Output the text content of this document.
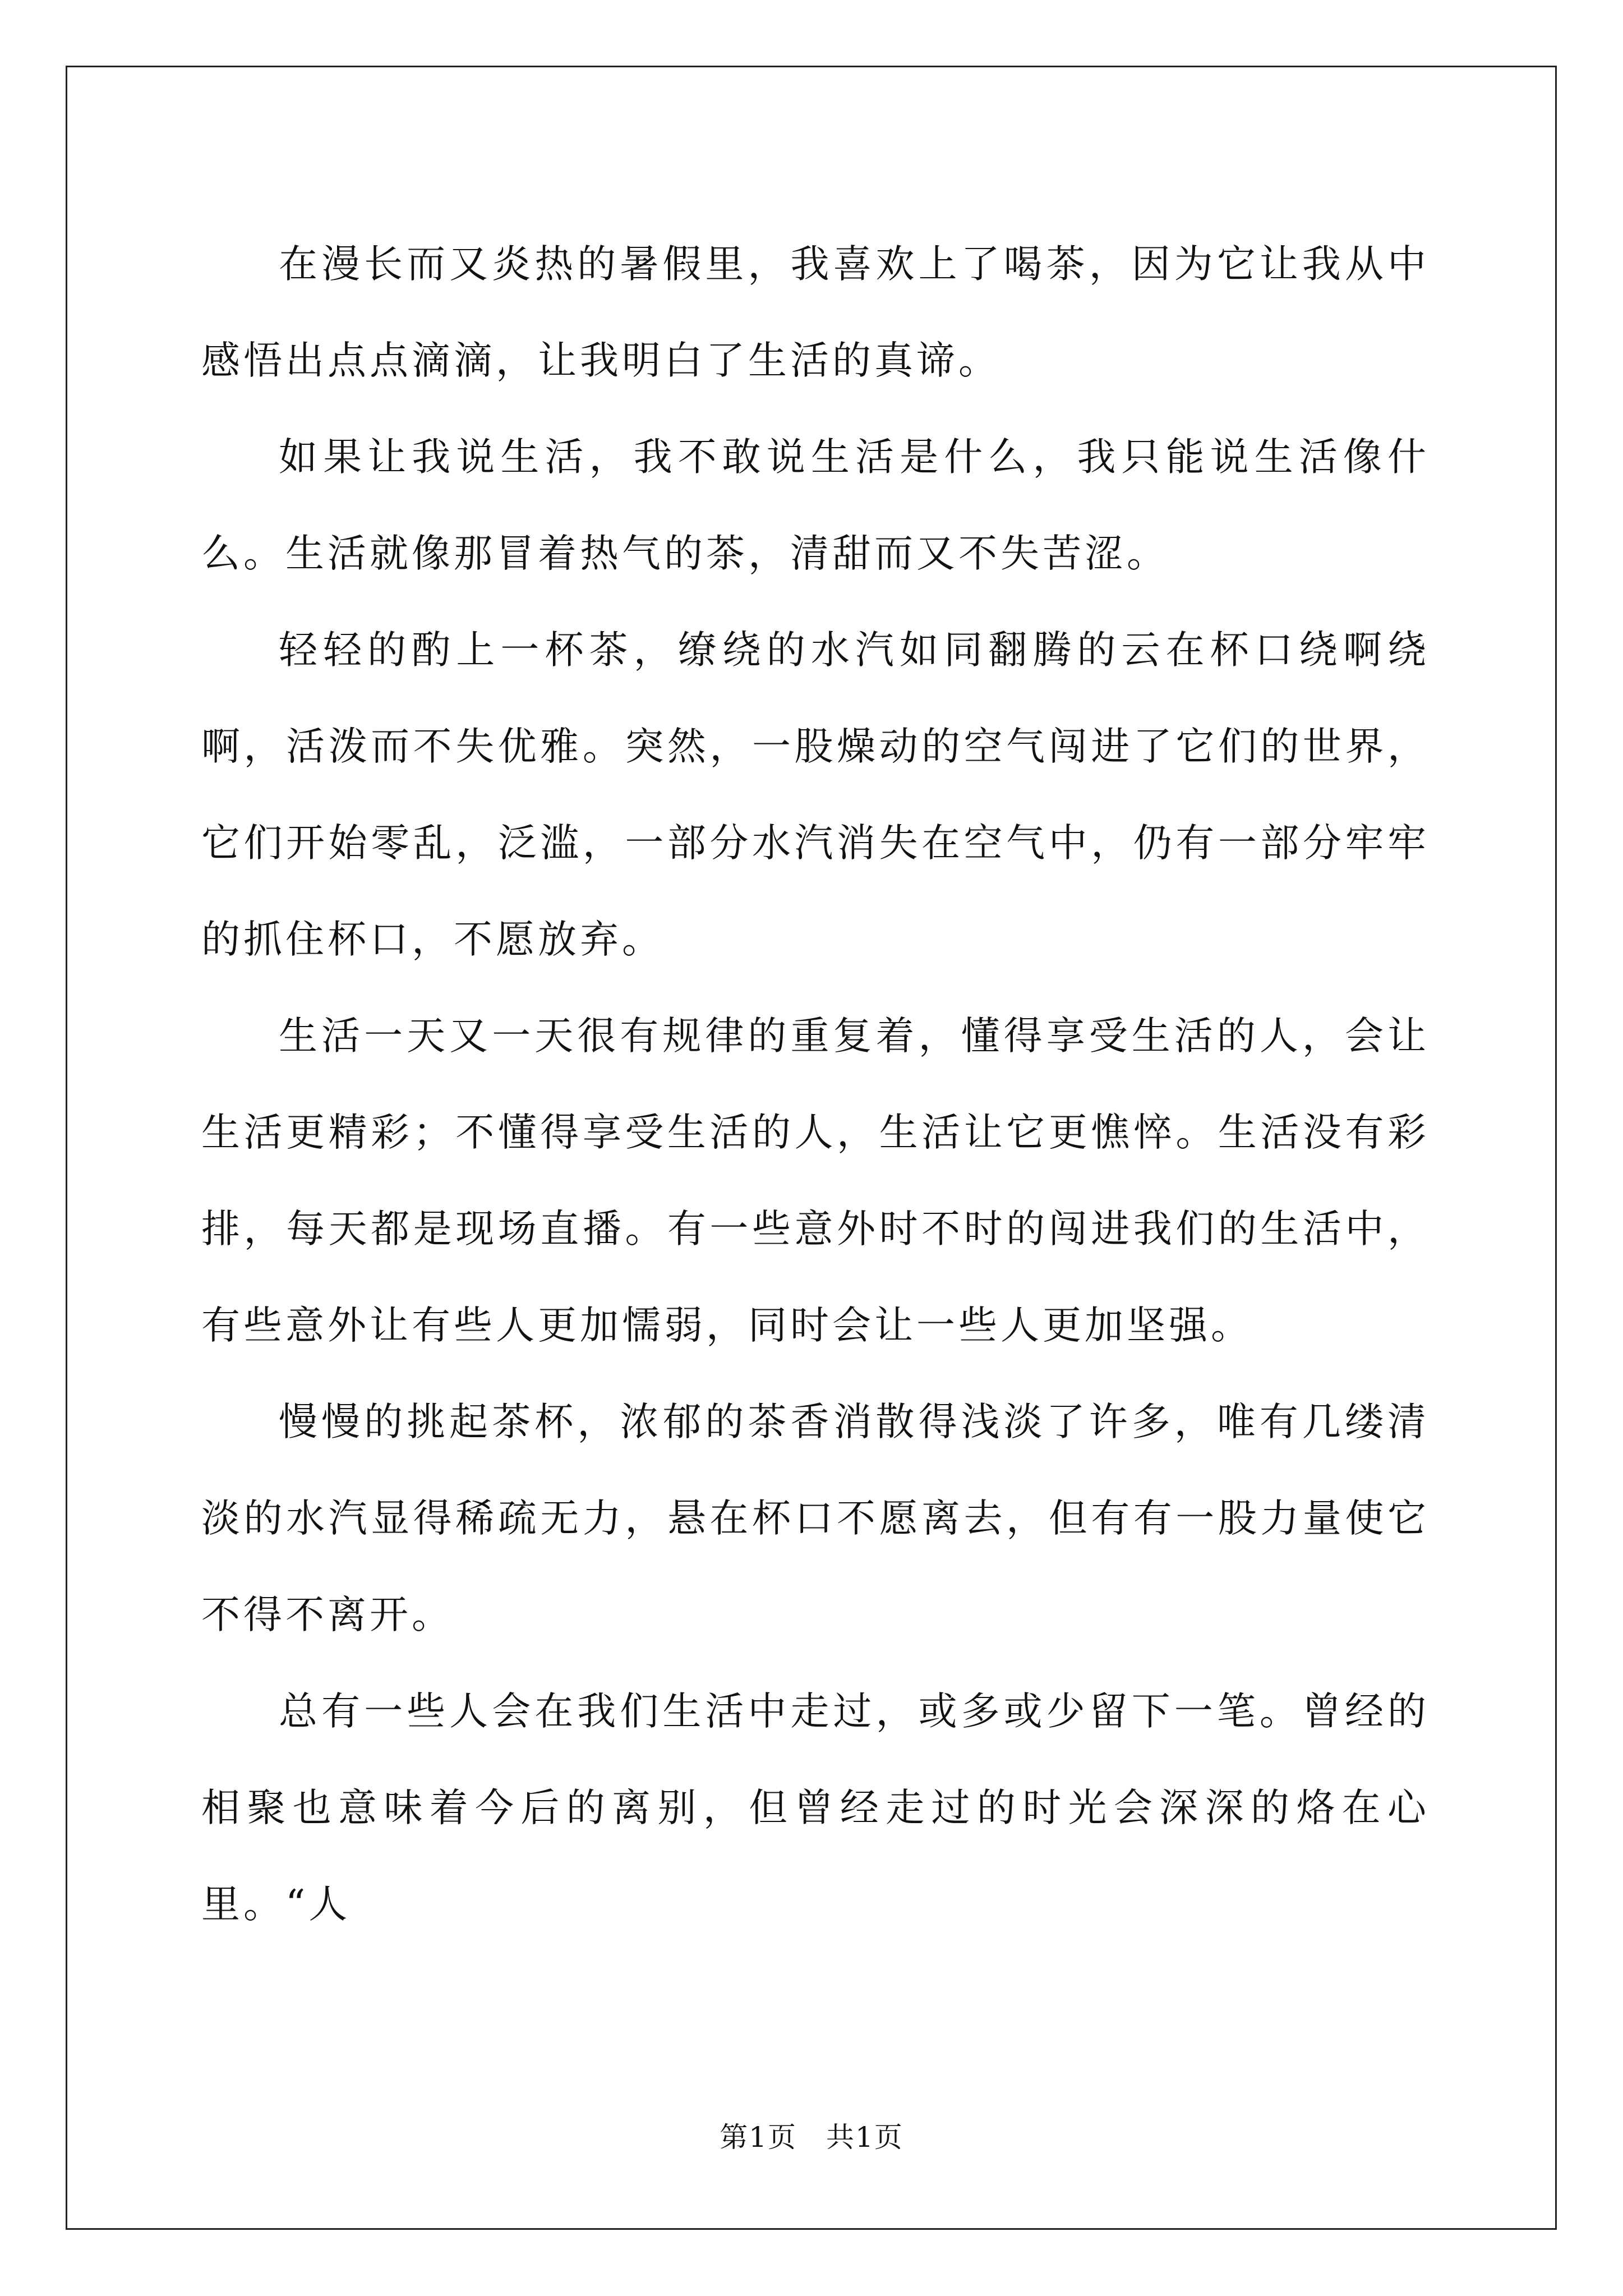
在漫长而又炎热的暑假里，我喜欢上了喝茶，因为它让我从中感悟出点点滴滴，让我明白了生活的真谛。

如果让我说生活，我不敢说生活是什么，我只能说生活像什么。生活就像那冒着热气的茶，清甜而又不失苦涩。

轻轻的酌上一杯茶，缭绕的水汽如同翻腾的云在杯口绕啊绕啊，活泼而不失优雅。突然，一股燥动的空气闯进了它们的世界，它们开始零乱，泛滥，一部分水汽消失在空气中，仍有一部分牢牢的抓住杯口，不愿放弃。

生活一天又一天很有规律的重复着，懂得享受生活的人，会让生活更精彩；不懂得享受生活的人，生活让它更憔悴。生活没有彩排，每天都是现场直播。有一些意外时不时的闯进我们的生活中，有些意外让有些人更加懦弱，同时会让一些人更加坚强。

慢慢的挑起茶杯，浓郁的茶香消散得浅淡了许多，唯有几缕清淡的水汽显得稀疏无力，悬在杯口不愿离去，但有有一股力量使它不得不离开。

总有一些人会在我们生活中走过，或多或少留下一笔。曾经的相聚也意味着今后的离别，但曾经走过的时光会深深的烙在心里。“人

第1页　共1页
